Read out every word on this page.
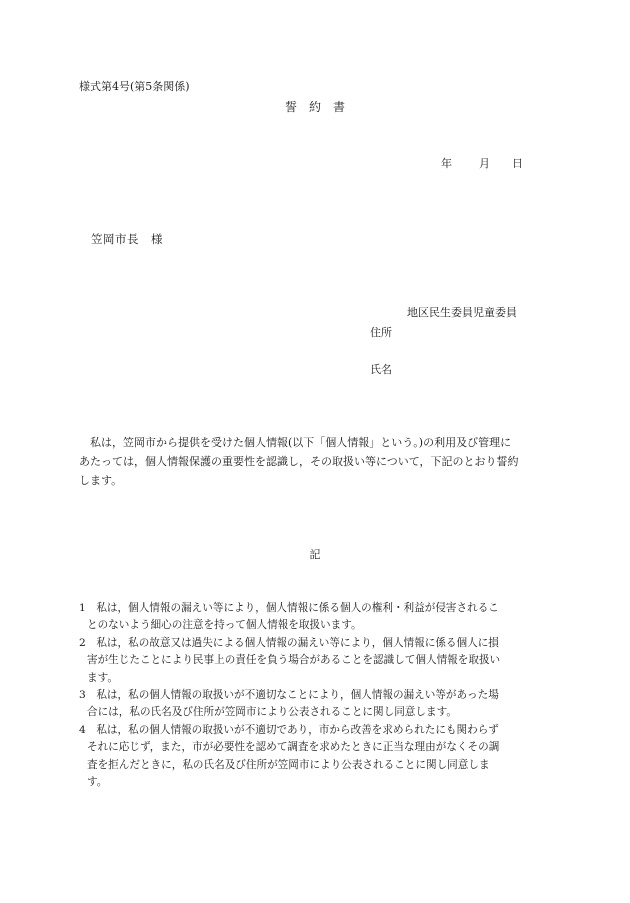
様式第4号(第5条関係)
誓　約　書
年 月 日
笠岡市長　様
地区民生委員児童委員
住所
氏名
　私は，笠岡市から提供を受けた個人情報(以下「個人情報」という。)の利用及び管理に
あたっては，個人情報保護の重要性を認識し，その取扱い等について，下記のとおり誓約
します。
記
1　私は，個人情報の漏えい等により，個人情報に係る個人の権利・利益が侵害されるこ
とのないよう細心の注意を持って個人情報を取扱います。
2　私は，私の故意又は過失による個人情報の漏えい等により，個人情報に係る個人に損
害が生じたことにより民事上の責任を負う場合があることを認識して個人情報を取扱い
ます。
3　私は，私の個人情報の取扱いが不適切なことにより，個人情報の漏えい等があった場
合には，私の氏名及び住所が笠岡市により公表されることに関し同意します。
4　私は，私の個人情報の取扱いが不適切であり，市から改善を求められたにも関わらず
それに応じず，また，市が必要性を認めて調査を求めたときに正当な理由がなくその調
査を拒んだときに，私の氏名及び住所が笠岡市により公表されることに関し同意しま
す。
